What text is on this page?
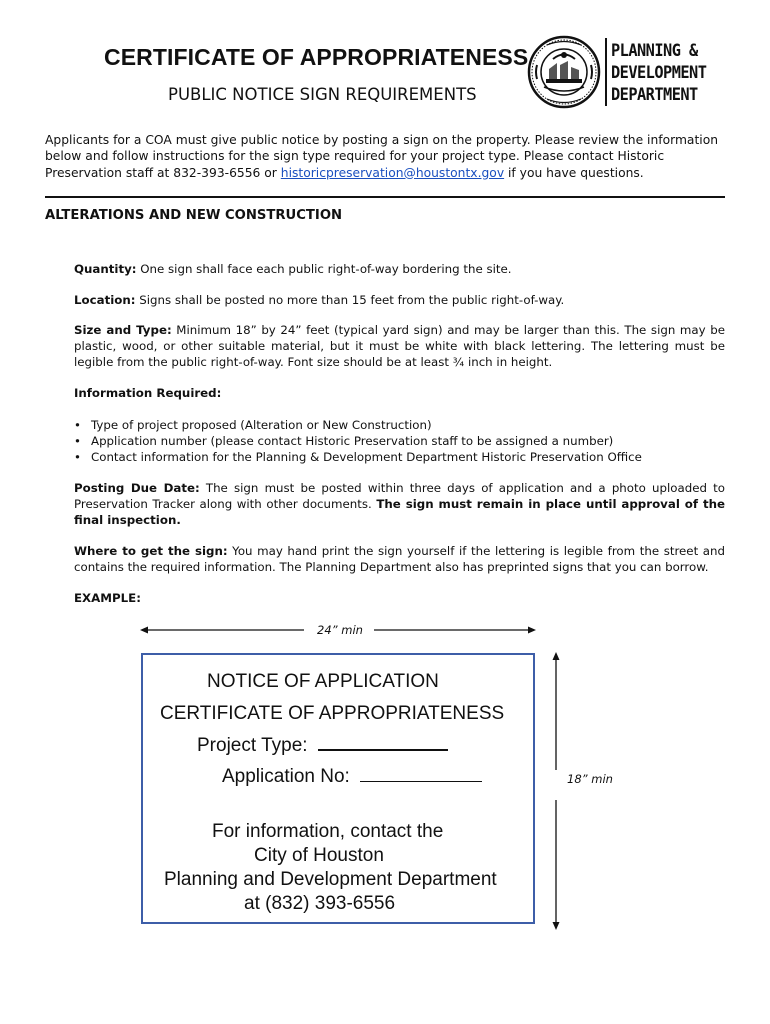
CERTIFICATE OF APPROPRIATENESS
PUBLIC NOTICE SIGN REQUIREMENTS
PLANNING &
DEVELOPMENT
DEPARTMENT
Applicants for a COA must give public notice by posting a sign on the property. Please review the information below and follow instructions for the sign type required for your project type. Please contact Historic Preservation staff at 832-393-6556 or historicpreservation@houstontx.gov if you have questions.
ALTERATIONS AND NEW CONSTRUCTION
Quantity: One sign shall face each public right-of-way bordering the site.
Location: Signs shall be posted no more than 15 feet from the public right-of-way.
Size and Type: Minimum 18” by 24” feet (typical yard sign) and may be larger than this. The sign may be plastic, wood, or other suitable material, but it must be white with black lettering. The lettering must be legible from the public right-of-way. Font size should be at least ¾ inch in height.
Information Required:
• Type of project proposed (Alteration or New Construction)
• Application number (please contact Historic Preservation staff to be assigned a number)
• Contact information for the Planning & Development Department Historic Preservation Office
Posting Due Date: The sign must be posted within three days of application and a photo uploaded to Preservation Tracker along with other documents. The sign must remain in place until approval of the final inspection.
Where to get the sign: You may hand print the sign yourself if the lettering is legible from the street and contains the required information. The Planning Department also has preprinted signs that you can borrow.
EXAMPLE:
24” min
18” min
NOTICE OF APPLICATION
CERTIFICATE OF APPROPRIATENESS
Project Type:
Application No:
For information, contact the
City of Houston
Planning and Development Department
at (832) 393-6556
